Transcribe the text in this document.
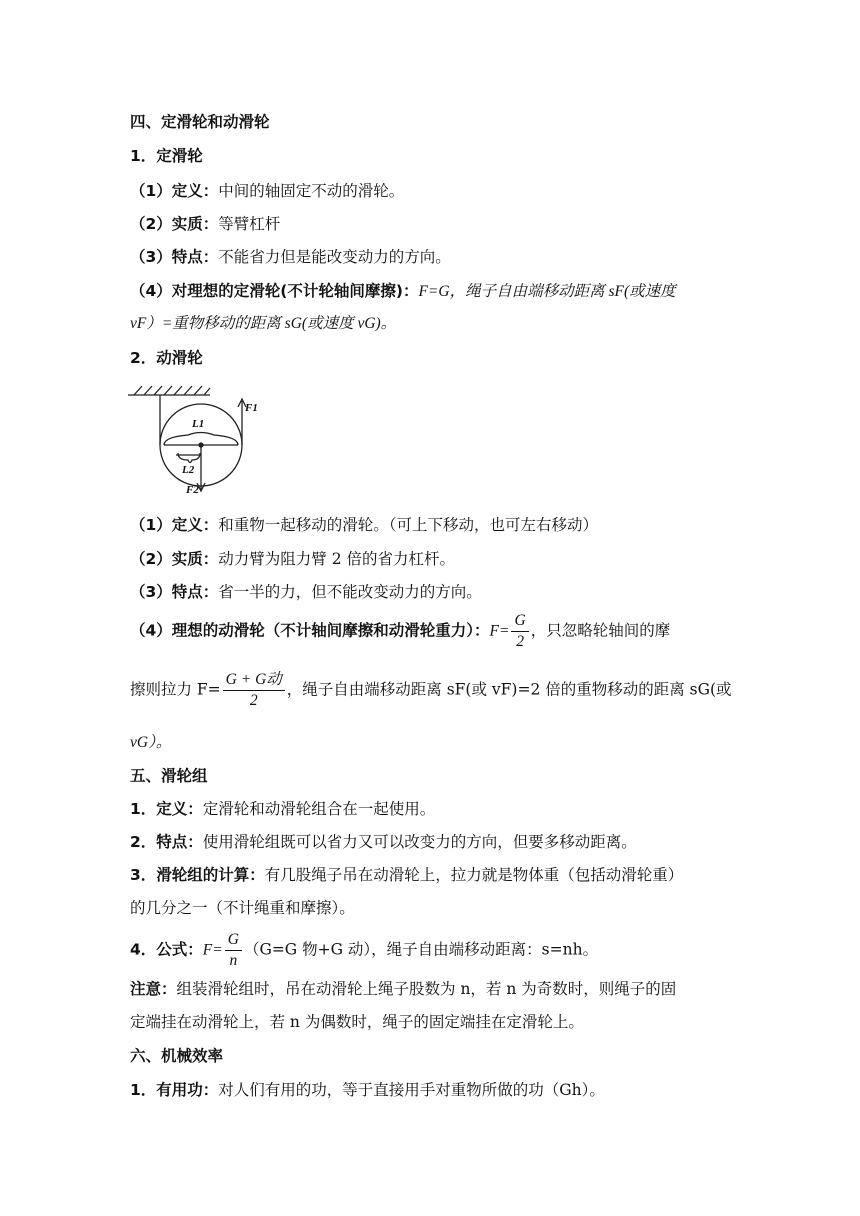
四、定滑轮和动滑轮
1．定滑轮
（1）定义：中间的轴固定不动的滑轮。
（2）实质：等臂杠杆
（3）特点：不能省力但是能改变动力的方向。
（4）对理想的定滑轮(不计轮轴间摩擦)：F=G，绳子自由端移动距离 sF(或速度
vF）=重物移动的距离 sG(或速度 vG)。
2．动滑轮
F1
L1
L2
F2
（1）定义：和重物一起移动的滑轮。（可上下移动，也可左右移动）
（2）实质：动力臂为阻力臂 2 倍的省力杠杆。
（3）特点：省一半的力，但不能改变动力的方向。
（4）理想的动滑轮（不计轴间摩擦和动滑轮重力）：$F= \frac{G}{2}$ ，只忽略轮轴间的摩
擦则拉力 $F= \frac{\text{G + G动}}{2}$ ，绳子自由端移动距离 sF(或 vF)=2 倍的重物移动的距离 sG(或
vG）。
五、滑轮组
1．定义：定滑轮和动滑轮组合在一起使用。
2．特点：使用滑轮组既可以省力又可以改变力的方向，但要多移动距离。
3．滑轮组的计算：有几股绳子吊在动滑轮上，拉力就是物体重（包括动滑轮重）
的几分之一（不计绳重和摩擦）。
4．公式：$F= \frac{G}{n} (G=G$ 物+G 动），绳子自由端移动距离：s=nh。
注意：组装滑轮组时，吊在动滑轮上绳子股数为 n，若 n 为奇数时，则绳子的固
定端挂在动滑轮上，若 n 为偶数时，绳子的固定端挂在定滑轮上。
六、机械效率
1．有用功：对人们有用的功，等于直接用手对重物所做的功（Gh）。
